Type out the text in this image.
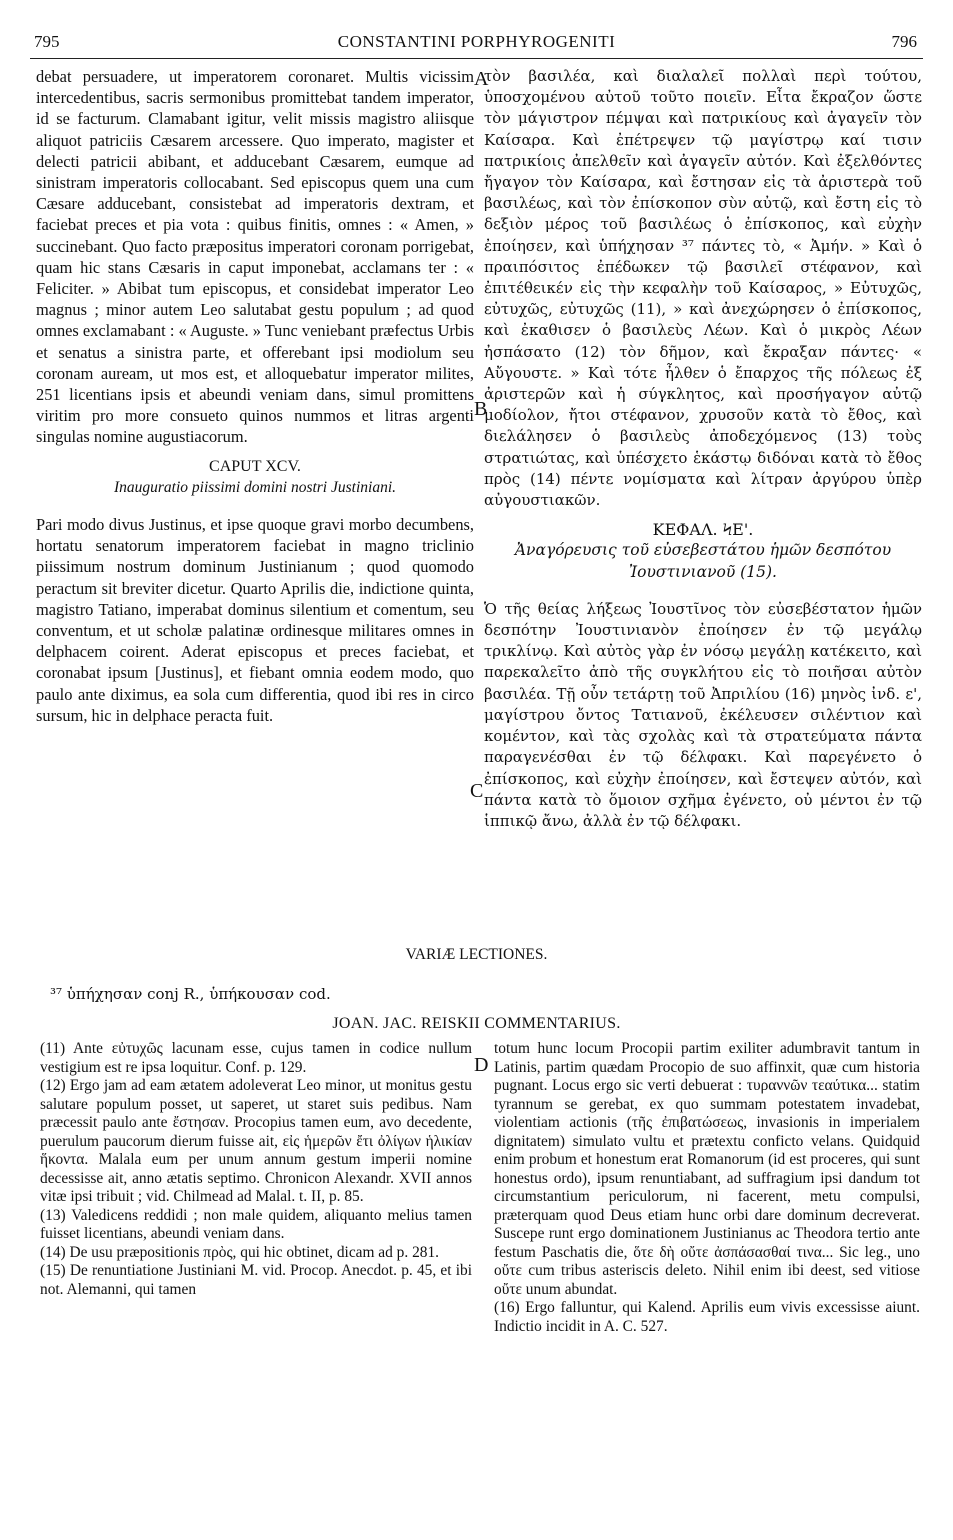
795	CONSTANTINI PORPHYROGENITI	796

debat persuadere, ut imperatorem coronaret. Multis vicissim intercedentibus, sacris sermonibus promittebat tandem imperator, id se facturum. Clamabant igitur, velit missis magistro aliisque aliquot patriciis Cæsarem arcessere. Quo imperato, magister et delecti patricii abibant, et adducebant Cæsarem, eumque ad sinistram imperatoris collocabant. Sed episcopus quem una cum Cæsare adducebant, consistebat ad imperatoris dextram, et faciebat preces et pia vota : quibus finitis, omnes : « Amen, » succinebant. Quo facto præpositus imperatori coronam porrigebat, quam hic stans Cæsaris in caput imponebat, acclamans ter : « Feliciter. » Abibat tum episcopus, et considebat imperator Leo magnus ; minor autem Leo salutabat gestu populum ; ad quod omnes exclamabant : « Auguste. » Tunc veniebant præfectus Urbis et senatus a sinistra parte, et offerebant ipsi modiolum seu coronam auream, ut mos est, et alloquebatur imperator milites, 251 licentians ipsis et abeundi veniam dans, simul promittens viritim pro more consueto quinos nummos et litras argenti singulas nomine augustiacorum.

CAPUT XCV.

Inauguratio piissimi domini nostri Justiniani.

Pari modo divus Justinus, et ipse quoque gravi morbo decumbens, hortatu senatorum imperatorem faciebat in magno triclinio piissimum nostrum dominum Justinianum ; quod quomodo peractum sit breviter dicetur. Quarto Aprilis die, indictione quinta, magistro Tatiano, imperabat dominus silentium et comentum, seu conventum, et ut scholæ palatinæ ordinesque militares omnes in delphacem coirent. Aderat episcopus et preces faciebat, et coronabat ipsum [Justinus], et fiebant omnia eodem modo, quo paulo ante diximus, ea sola cum differentia, quod ibi res in circo sursum, hic in delphace peracta fuit.

τὸν βασιλέα, καὶ διαλαλεῖ πολλαὶ περὶ τούτου, ὑποσχομένου αὐτοῦ τοῦτο ποιεῖν. Εἶτα ἔκραζον ὥστε τὸν μάγιστρον πέμψαι καὶ πατρικίους καὶ ἀγαγεῖν τὸν Καίσαρα. Καὶ ἐπέτρεψεν τῷ μαγίστρῳ καί τισιν πατρικίοις ἀπελθεῖν καὶ ἀγαγεῖν αὐτόν. Καὶ ἐξελθόντες ἤγαγον τὸν Καίσαρα, καὶ ἔστησαν εἰς τὰ ἀριστερὰ τοῦ βασιλέως, καὶ τὸν ἐπίσκοπον σὺν αὐτῷ, καὶ ἔστη εἰς τὸ δεξιὸν μέρος τοῦ βασιλέως ὁ ἐπίσκοπος, καὶ εὐχὴν ἐποίησεν, καὶ ὑπήχησαν ³⁷ πάντες τὸ, « Ἀμήν. » Καὶ ὁ πραιπόσιτος ἐπέδωκεν τῷ βασιλεῖ στέφανον, καὶ ἐπιτέθεικέν εἰς τὴν κεφαλὴν τοῦ Καίσαρος, » Εὐτυχῶς, εὐτυχῶς, εὐτυχῶς (11), » καὶ ἀνεχώρησεν ὁ ἐπίσκοπος, καὶ ἐκαθισεν ὁ βασιλεὺς Λέων. Καὶ ὁ μικρὸς Λέων ἠσπάσατο (12) τὸν δῆμον, καὶ ἔκραξαν πάντες· « Αὔγουστε. » Καὶ τότε ἦλθεν ὁ ἔπαρχος τῆς πόλεως ἐξ ἀριστερῶν καὶ ἡ σύγκλητος, καὶ προσήγαγον αὐτῷ μοδίολον, ἤτοι στέφανον, χρυσοῦν κατὰ τὸ ἔθος, καὶ διελάλησεν ὁ βασιλεὺς ἀποδεχόμενος (13) τοὺς στρατιώτας, καὶ ὑπέσχετο ἑκάστῳ διδόναι κατὰ τὸ ἔθος πρὸς (14) πέντε νομίσματα καὶ λίτραν ἀργύρου ὑπὲρ αὐγουστιακῶν.

ΚΕΦΑΛ. ϞΕ'.

Ἀναγόρευσις τοῦ εὐσεβεστάτου ἡμῶν δεσπότου Ἰουστινιανοῦ (15).

Ὁ τῆς θείας λήξεως Ἰουστῖνος τὸν εὐσεβέστατον ἡμῶν δεσπότην Ἰουστινιανὸν ἐποίησεν ἐν τῷ μεγάλῳ τρικλίνῳ. Καὶ αὐτὸς γὰρ ἐν νόσῳ μεγάλῃ κατέκειτο, καὶ παρεκαλεῖτο ἀπὸ τῆς συγκλήτου εἰς τὸ ποιῆσαι αὐτὸν βασιλέα. Τῇ οὖν τετάρτῃ τοῦ Ἀπριλίου (16) μηνὸς ἰνδ. ε', μαγίστρου ὄντος Τατιανοῦ, ἐκέλευσεν σιλέντιον καὶ κομέντον, καὶ τὰς σχολὰς καὶ τὰ στρατεύματα πάντα παραγενέσθαι ἐν τῷ δέλφακι. Καὶ παρεγένετο ὁ ἐπίσκοπος, καὶ εὐχὴν ἐποίησεν, καὶ ἔστεψεν αὐτόν, καὶ πάντα κατὰ τὸ ὅμοιον σχῆμα ἐγένετο, οὐ μέντοι ἐν τῷ ἱππικῷ ἄνω, ἀλλὰ ἐν τῷ δέλφακι.

A
B
C
D
VARIÆ LECTIONES.
³⁷ ὑπήχησαν conj R., ὑπήκουσαν cod.
JOAN. JAC. REISKII COMMENTARIUS.

(11) Ante εὐτυχῶς lacunam esse, cujus tamen in codice nullum vestigium est re ipsa loquitur. Conf. p. 129.

(12) Ergo jam ad eam ætatem adoleverat Leo minor, ut monitus gestu salutare populum posset, ut saperet, ut staret suis pedibus. Nam præcessit paulo ante ἔστησαν. Procopius tamen eum, avo decedente, puerulum paucorum dierum fuisse ait, εἰς ἡμερῶν ἔτι ὀλίγων ἡλικίαν ἥκοντα. Malala eum per unum annum gestum imperii nomine decessisse ait, anno ætatis septimo. Chronicon Alexandr. XVII annos vitæ ipsi tribuit ; vid. Chilmead ad Malal. t. II, p. 85.

(13) Valedicens reddidi ; non male quidem, aliquanto melius tamen fuisset licentians, abeundi veniam dans.

(14) De usu præpositionis πρὸς, qui hic obtinet, dicam ad p. 281.

(15) De renuntiatione Justiniani M. vid. Procop. Anecdot. p. 45, et ibi not. Alemanni, qui tamen

totum hunc locum Procopii partim exiliter adumbravit tantum in Latinis, partim quædam Procopio de suo affinxit, quæ cum historia pugnant. Locus ergo sic verti debuerat : τυραννῶν τεαύτικα... statim tyrannum se gerebat, ex quo summam potestatem invadebat, violentiam actionis (τῆς ἐπιβατώσεως, invasionis in imperialem dignitatem) simulato vultu et prætextu conficto velans. Quidquid enim probum et honestum erat Romanorum (id est proceres, qui sunt honestus ordo), ipsum renuntiabant, ad suffragium ipsi dandum tot circumstantium periculorum, ni facerent, metu compulsi, præterquam quod Deus etiam hunc orbi dare dominum decreverat. Suscepe runt ergo dominationem Justinianus ac Theodora tertio ante festum Paschatis die, ὅτε δὴ οὔτε ἀσπάσασθαί τινα... Sic leg., uno οὔτε cum tribus asteriscis deleto. Nihil enim ibi deest, sed vitiose οὔτε unum abundat.

(16) Ergo falluntur, qui Kalend. Aprilis eum vivis excessisse aiunt. Indictio incidit in A. C. 527.
